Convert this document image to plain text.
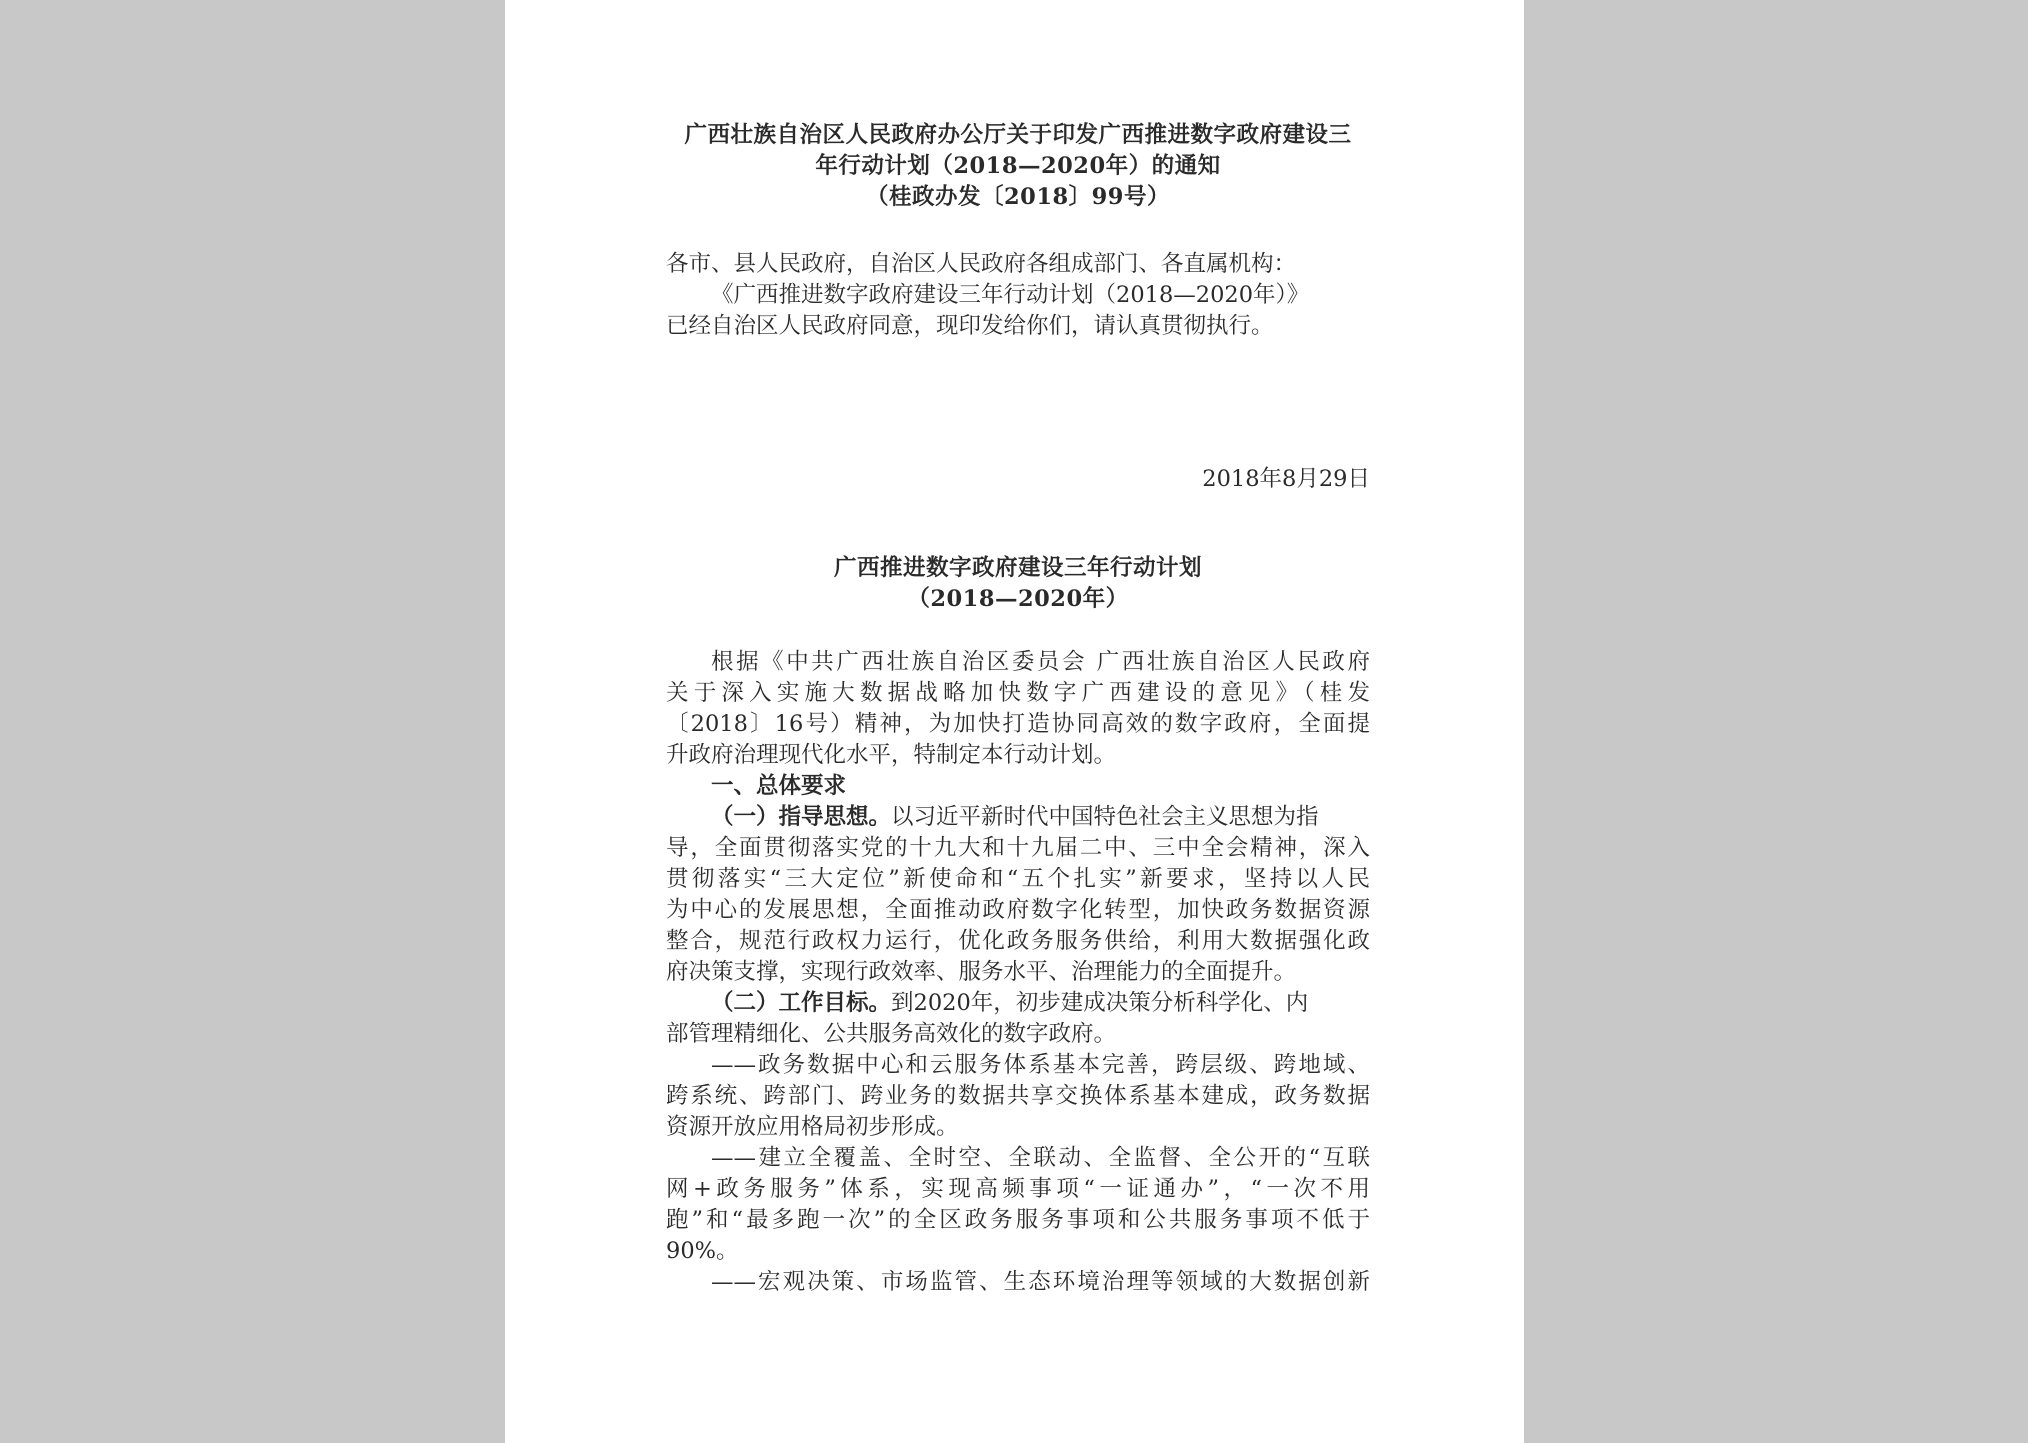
广西壮族自治区人民政府办公厅关于印发广西推进数字政府建设三
年行动计划（2018—2020年）的通知
（桂政办发〔2018〕99号）
各市、县人民政府，自治区人民政府各组成部门、各直属机构：
《广西推进数字政府建设三年行动计划（2018—2020年）》
已经自治区人民政府同意，现印发给你们，请认真贯彻执行。
2018年8月29日
广西推进数字政府建设三年行动计划
（2018—2020年）
根据《中共广西壮族自治区委员会 广西壮族自治区人民政府
关于深入实施大数据战略加快数字广西建设的意见》（桂发
〔2018〕16号）精神，为加快打造协同高效的数字政府，全面提
升政府治理现代化水平，特制定本行动计划。
一、总体要求
（一）指导思想。以习近平新时代中国特色社会主义思想为指
导，全面贯彻落实党的十九大和十九届二中、三中全会精神，深入
贯彻落实“三大定位”新使命和“五个扎实”新要求，坚持以人民
为中心的发展思想，全面推动政府数字化转型，加快政务数据资源
整合，规范行政权力运行，优化政务服务供给，利用大数据强化政
府决策支撑，实现行政效率、服务水平、治理能力的全面提升。
（二）工作目标。到2020年，初步建成决策分析科学化、内
部管理精细化、公共服务高效化的数字政府。
——政务数据中心和云服务体系基本完善，跨层级、跨地域、
跨系统、跨部门、跨业务的数据共享交换体系基本建成，政务数据
资源开放应用格局初步形成。
——建立全覆盖、全时空、全联动、全监督、全公开的“互联
网+政务服务”体系，实现高频事项“一证通办”，“一次不用
跑”和“最多跑一次”的全区政务服务事项和公共服务事项不低于
90%。
——宏观决策、市场监管、生态环境治理等领域的大数据创新
